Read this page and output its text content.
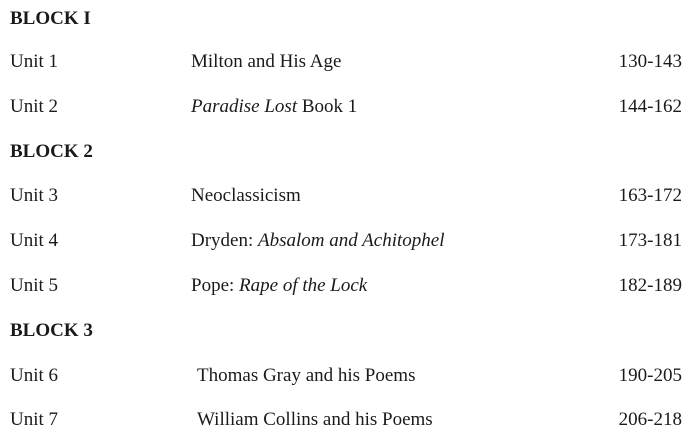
BLOCK I
Unit 1	Milton and His Age	130-143
Unit 2	Paradise Lost Book 1	144-162
BLOCK 2
Unit 3	Neoclassicism	163-172
Unit 4	Dryden: Absalom and Achitophel	173-181
Unit 5	Pope: Rape of the Lock	182-189
BLOCK 3
Unit 6	Thomas Gray and his Poems	190-205
Unit 7	William Collins and his Poems	206-218
